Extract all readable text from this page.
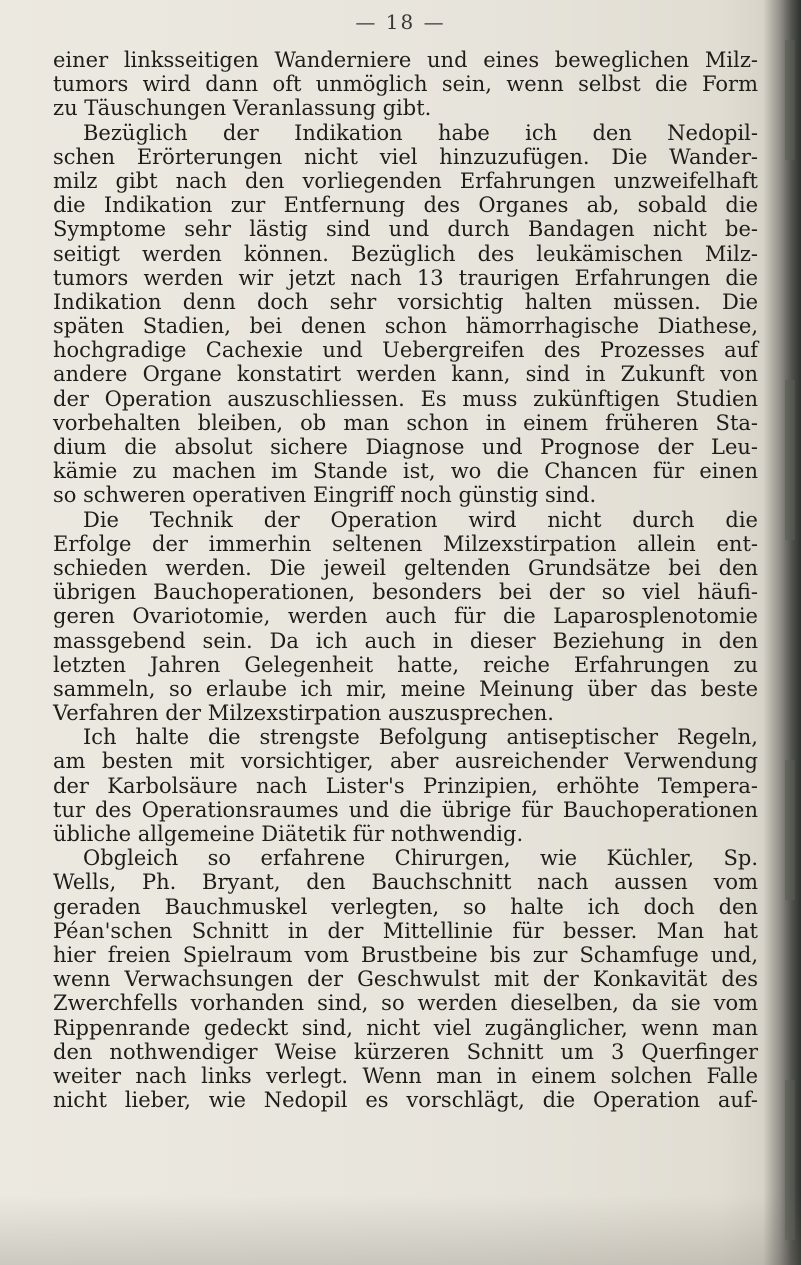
— 18 —
einer linksseitigen Wanderniere und eines beweglichen Milz-
tumors wird dann oft unmöglich sein, wenn selbst die Form
zu Täuschungen Veranlassung gibt.
Bezüglich der Indikation habe ich den Nedopil-
schen Erörterungen nicht viel hinzuzufügen. Die Wander-
milz gibt nach den vorliegenden Erfahrungen unzweifelhaft
die Indikation zur Entfernung des Organes ab, sobald die
Symptome sehr lästig sind und durch Bandagen nicht be-
seitigt werden können. Bezüglich des leukämischen Milz-
tumors werden wir jetzt nach 13 traurigen Erfahrungen die
Indikation denn doch sehr vorsichtig halten müssen. Die
späten Stadien, bei denen schon hämorrhagische Diathese,
hochgradige Cachexie und Uebergreifen des Prozesses auf
andere Organe konstatirt werden kann, sind in Zukunft von
der Operation auszuschliessen. Es muss zukünftigen Studien
vorbehalten bleiben, ob man schon in einem früheren Sta-
dium die absolut sichere Diagnose und Prognose der Leu-
kämie zu machen im Stande ist, wo die Chancen für einen
so schweren operativen Eingriff noch günstig sind.
Die Technik der Operation wird nicht durch die
Erfolge der immerhin seltenen Milzexstirpation allein ent-
schieden werden. Die jeweil geltenden Grundsätze bei den
übrigen Bauchoperationen, besonders bei der so viel häufi-
geren Ovariotomie, werden auch für die Laparosplenotomie
massgebend sein. Da ich auch in dieser Beziehung in den
letzten Jahren Gelegenheit hatte, reiche Erfahrungen zu
sammeln, so erlaube ich mir, meine Meinung über das beste
Verfahren der Milzexstirpation auszusprechen.
Ich halte die strengste Befolgung antiseptischer Regeln,
am besten mit vorsichtiger, aber ausreichender Verwendung
der Karbolsäure nach Lister's Prinzipien, erhöhte Tempera-
tur des Operationsraumes und die übrige für Bauchoperationen
übliche allgemeine Diätetik für nothwendig.
Obgleich so erfahrene Chirurgen, wie Küchler, Sp.
Wells, Ph. Bryant, den Bauchschnitt nach aussen vom
geraden Bauchmuskel verlegten, so halte ich doch den
Péan'schen Schnitt in der Mittellinie für besser. Man hat
hier freien Spielraum vom Brustbeine bis zur Schamfuge und,
wenn Verwachsungen der Geschwulst mit der Konkavität des
Zwerchfells vorhanden sind, so werden dieselben, da sie vom
Rippenrande gedeckt sind, nicht viel zugänglicher, wenn man
den nothwendiger Weise kürzeren Schnitt um 3 Querfinger
weiter nach links verlegt. Wenn man in einem solchen Falle
nicht lieber, wie Nedopil es vorschlägt, die Operation auf-
